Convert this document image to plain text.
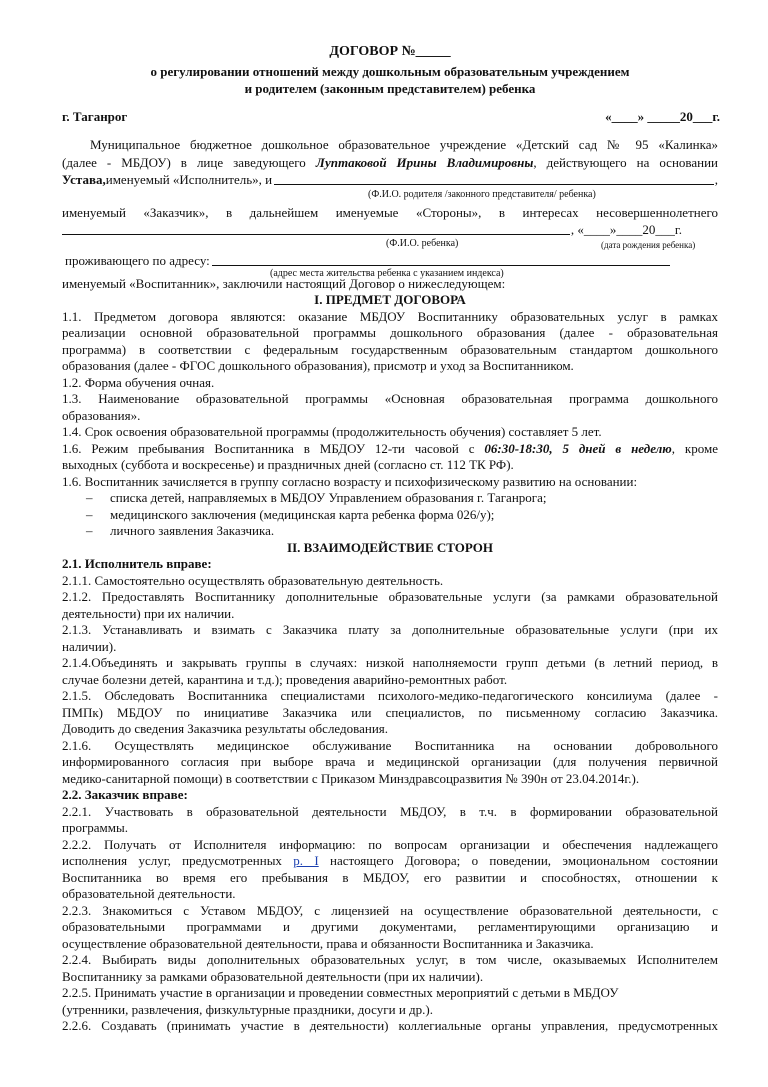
ДОГОВОР №_____
о регулировании отношений между дошкольным образовательным учреждением
и родителем (законным представителем) ребенка
г. Таганрог	«____» _____20___г.
Муниципальное бюджетное дошкольное образовательное учреждение «Детский сад № 95 «Калинка»
(далее - МБДОУ) в лице заведующего Луптаковой Ирины Владимировны, действующего на основании
Устава, именуемый «Исполнитель», и	,
(Ф.И.О. родителя /законного представителя/ ребенка)
именуемый «Заказчик», в дальнейшем именуемые «Стороны», в интересах несовершеннолетнего
, «____»____20___г.
(Ф.И.О. ребенка)	(дата рождения ребенка)
проживающего по адресу:
(адрес места жительства ребенка с указанием индекса)
именуемый «Воспитанник», заключили настоящий Договор о нижеследующем:
I. ПРЕДМЕТ ДОГОВОРА
1.1. Предметом договора являются: оказание МБДОУ Воспитаннику образовательных услуг в рамках
реализации основной образовательной программы дошкольного образования (далее - образовательная
программа) в соответствии с федеральным государственным образовательным стандартом дошкольного
образования (далее - ФГОС дошкольного образования), присмотр и уход за Воспитанником.
1.2. Форма обучения очная.
1.3. Наименование образовательной программы «Основная образовательная программа дошкольного
образования».
1.4. Срок освоения образовательной программы (продолжительность обучения) составляет 5 лет.
1.6. Режим пребывания Воспитанника в МБДОУ 12-ти часовой с 06:30-18:30, 5 дней в неделю, кроме
выходных (суббота и воскресенье) и праздничных дней (согласно ст. 112 ТК РФ).
1.6. Воспитанник зачисляется в группу согласно возрасту и психофизическому развитию на основании:
– списка детей, направляемых в МБДОУ Управлением образования г. Таганрога;
– медицинского заключения (медицинская карта ребенка форма 026/у);
– личного заявления Заказчика.
II. ВЗАИМОДЕЙСТВИЕ СТОРОН
2.1. Исполнитель вправе:
2.1.1. Самостоятельно осуществлять образовательную деятельность.
2.1.2. Предоставлять Воспитаннику дополнительные образовательные услуги (за рамками образовательной
деятельности) при их наличии.
2.1.3. Устанавливать и взимать с Заказчика плату за дополнительные образовательные услуги (при их
наличии).
2.1.4.Объединять и закрывать группы в случаях: низкой наполняемости групп детьми (в летний период, в
случае болезни детей, карантина и т.д.); проведения аварийно-ремонтных работ.
2.1.5. Обследовать Воспитанника специалистами психолого-медико-педагогического консилиума (далее -
ПМПк) МБДОУ по инициативе Заказчика или специалистов, по письменному согласию Заказчика.
Доводить до сведения Заказчика результаты обследования.
2.1.6. Осуществлять медицинское обслуживание Воспитанника на основании добровольного
информированного согласия при выборе врача и медицинской организации (для получения первичной
медико-санитарной помощи) в соответствии с Приказом Минздравсоцразвития № 390н от 23.04.2014г.).
2.2. Заказчик вправе:
2.2.1. Участвовать в образовательной деятельности МБДОУ, в т.ч. в формировании образовательной
программы.
2.2.2. Получать от Исполнителя информацию: по вопросам организации и обеспечения надлежащего
исполнения услуг, предусмотренных р. I настоящего Договора; о поведении, эмоциональном состоянии
Воспитанника во время его пребывания в МБДОУ, его развитии и способностях, отношении к
образовательной деятельности.
2.2.3. Знакомиться с Уставом МБДОУ, с лицензией на осуществление образовательной деятельности, с
образовательными программами и другими документами, регламентирующими организацию и
осуществление образовательной деятельности, права и обязанности Воспитанника и Заказчика.
2.2.4. Выбирать виды дополнительных образовательных услуг, в том числе, оказываемых Исполнителем
Воспитаннику за рамками образовательной деятельности (при их наличии).
2.2.5. Принимать участие в организации и проведении совместных мероприятий с детьми в МБДОУ
(утренники, развлечения, физкультурные праздники, досуги и др.).
2.2.6. Создавать (принимать участие в деятельности) коллегиальные органы управления, предусмотренных
